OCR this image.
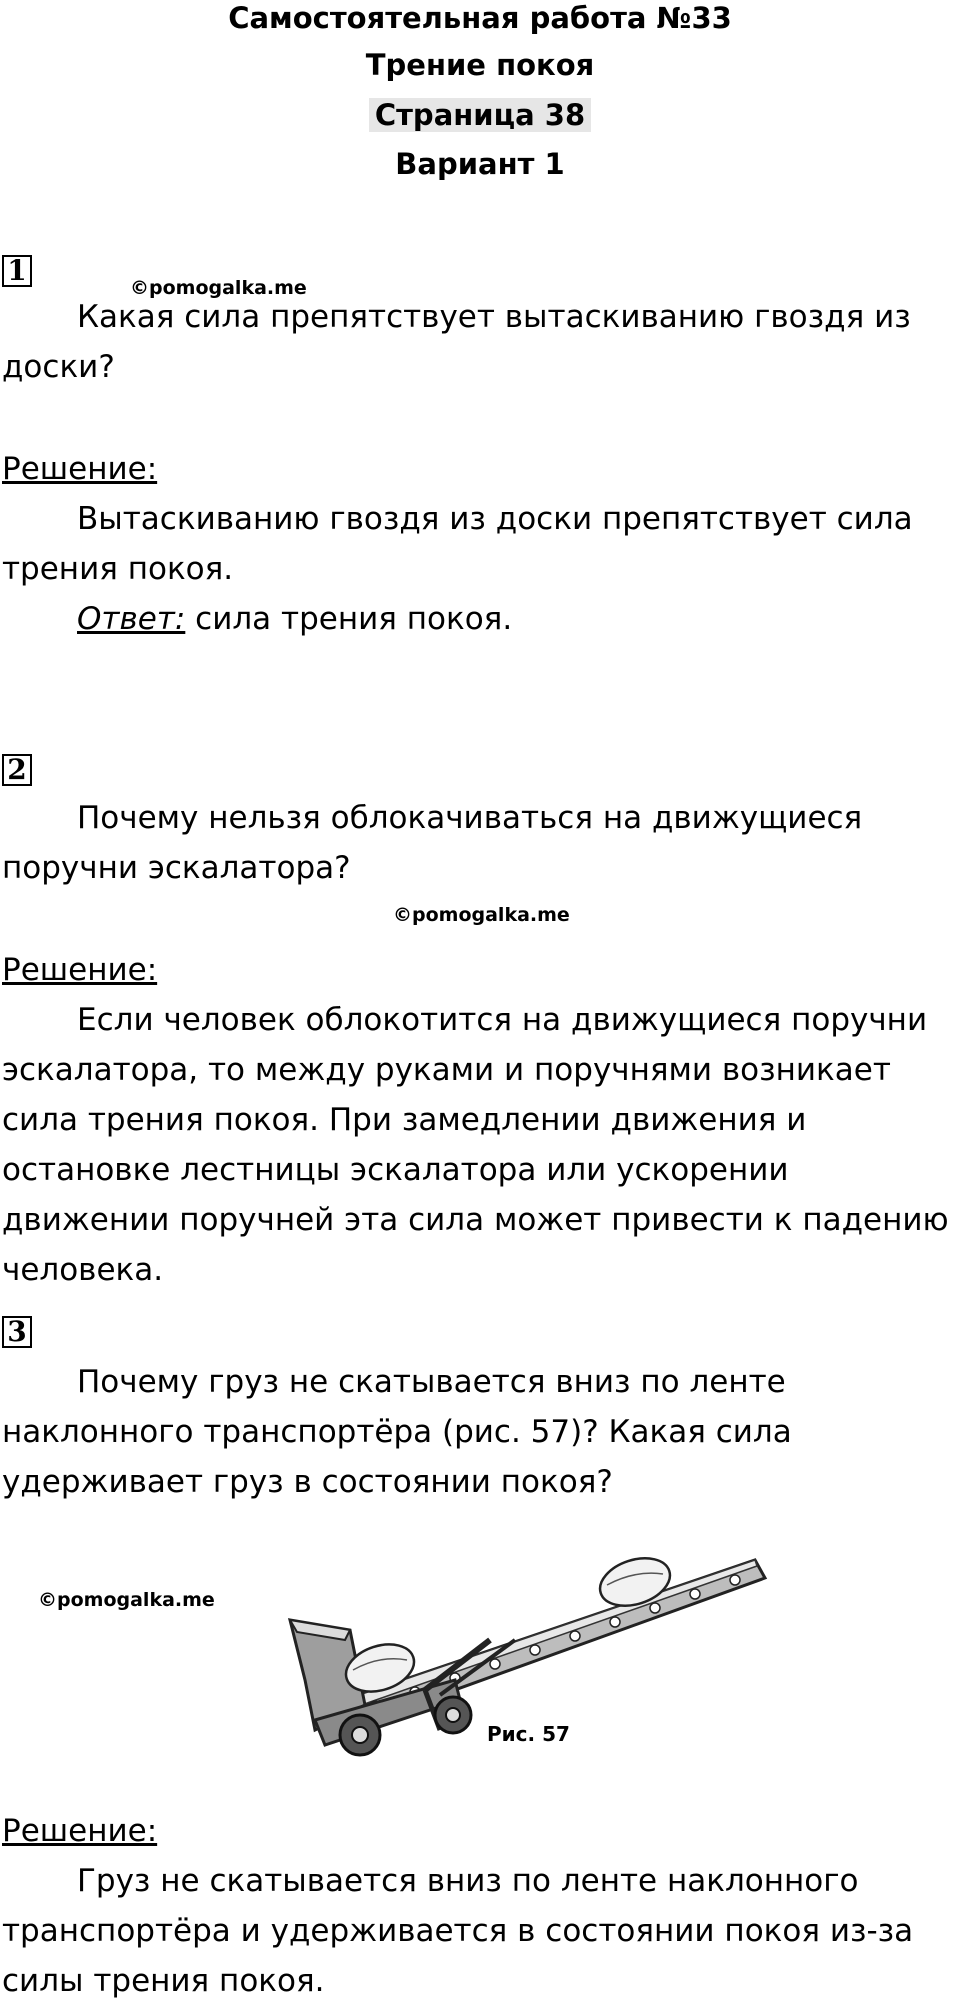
Самостоятельная работа №33
Трение покоя
Страница 38
Вариант 1
1
©pomogalka.me

Какая сила препятствует вытаскиванию гвоздя из доски?

Решение:

Вытаскиванию гвоздя из доски препятствует сила трения покоя.

Ответ: сила трения покоя.

2

Почему нельзя облокачиваться на движущиеся поручни эскалатора?

©pomogalka.me
Решение:

Если человек облокотится на движущиеся поручни эскалатора, то между руками и поручнями возникает сила трения покоя. При замедлении движения и остановке лестницы эскалатора или ускорении движении поручней эта сила может привести к падению человека.

3

Почему груз не скатывается вниз по ленте наклонного транспортёра (рис. 57)? Какая сила удерживает груз в состоянии покоя?

©pomogalka.me
Рис. 57
Решение:

Груз не скатывается вниз по ленте наклонного транспортёра и удерживается в состоянии покоя из-за силы трения покоя.
